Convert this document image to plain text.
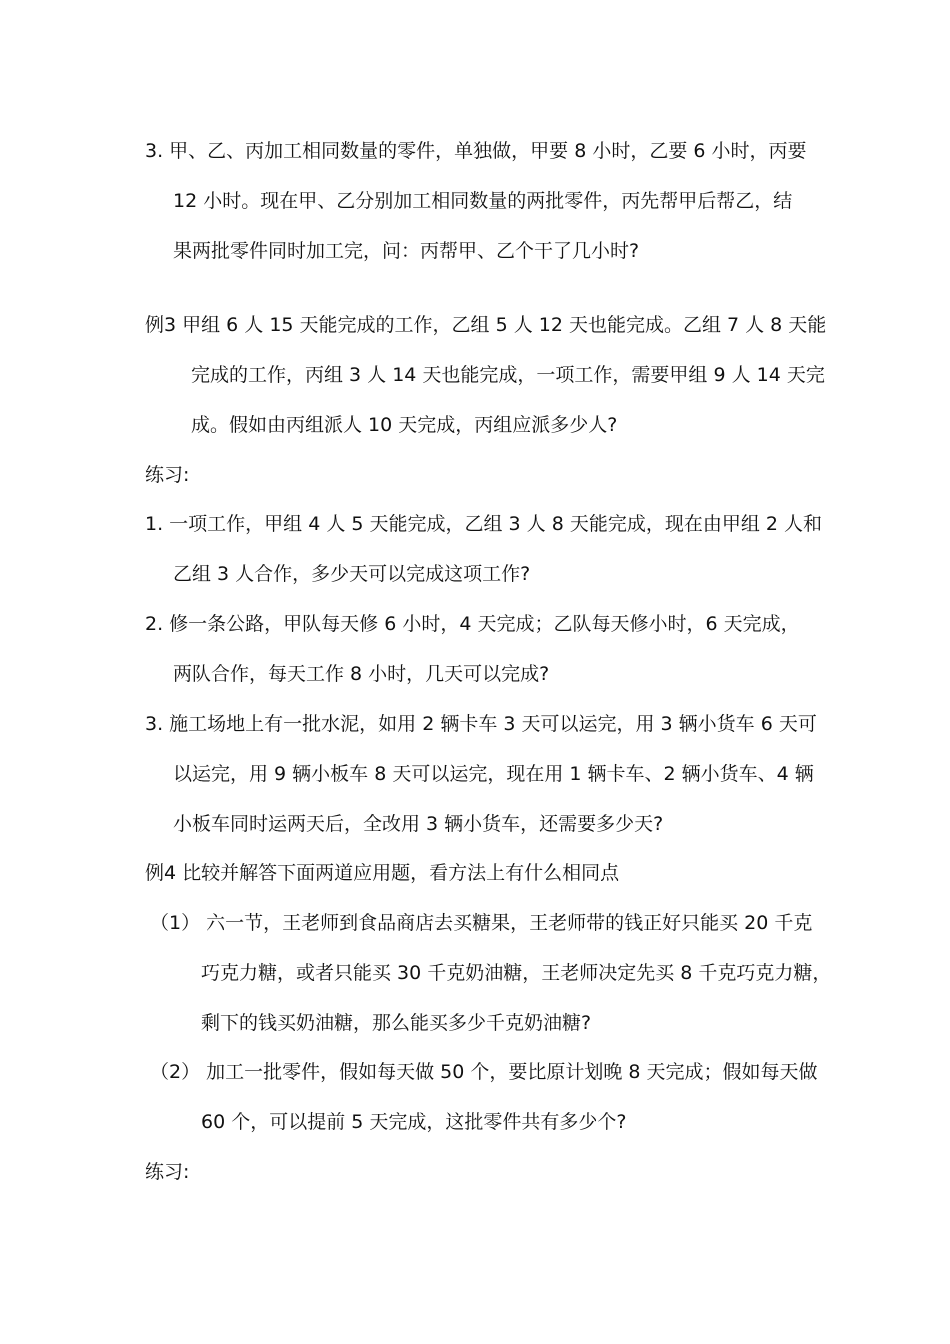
3. 甲、乙、丙加工相同数量的零件，单独做，甲要 8 小时，乙要 6 小时，丙要
12 小时。现在甲、乙分别加工相同数量的两批零件，丙先帮甲后帮乙，结
果两批零件同时加工完，问：丙帮甲、乙个干了几小时?
例3 甲组 6 人 15 天能完成的工作，乙组 5 人 12 天也能完成。乙组 7 人 8 天能
完成的工作，丙组 3 人 14 天也能完成，一项工作，需要甲组 9 人 14 天完
成。假如由丙组派人 10 天完成，丙组应派多少人?
练习:
1. 一项工作，甲组 4 人 5 天能完成，乙组 3 人 8 天能完成，现在由甲组 2 人和
乙组 3 人合作，多少天可以完成这项工作?
2. 修一条公路，甲队每天修 6 小时，4 天完成；乙队每天修小时，6 天完成，
两队合作，每天工作 8 小时，几天可以完成?
3. 施工场地上有一批水泥，如用 2 辆卡车 3 天可以运完，用 3 辆小货车 6 天可
以运完，用 9 辆小板车 8 天可以运完，现在用 1 辆卡车、2 辆小货车、4 辆
小板车同时运两天后，全改用 3 辆小货车，还需要多少天?
例4 比较并解答下面两道应用题，看方法上有什么相同点
（1） 六一节，王老师到食品商店去买糖果，王老师带的钱正好只能买 20 千克
巧克力糖，或者只能买 30 千克奶油糖，王老师决定先买 8 千克巧克力糖，
剩下的钱买奶油糖，那么能买多少千克奶油糖?
（2） 加工一批零件，假如每天做 50 个，要比原计划晚 8 天完成；假如每天做
60 个，可以提前 5 天完成，这批零件共有多少个?
练习:
